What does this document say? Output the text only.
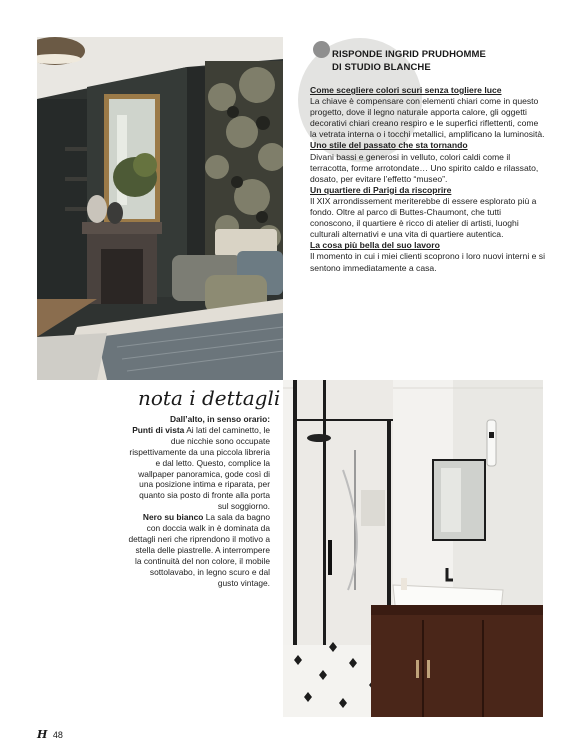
RISPONDE INGRID PRUDHOMME
DI STUDIO BLANCHE
Come scegliere colori scuri senza togliere luce
La chiave è compensare con elementi chiari come in questo progetto, dove il legno naturale apporta calore, gli oggetti decorativi chiari creano respiro e le superfici riflettenti, come la vetrata interna o i tocchi metallici, amplificano la luminosità.
Uno stile del passato che sta tornando
Divani bassi e generosi in velluto, colori caldi come il terracotta, forme arrotondate… Uno spirito caldo e rilassato, dosato, per evitare l’effetto “museo”.
Un quartiere di Parigi da riscoprire
Il XIX arrondissement meriterebbe di essere esplorato più a fondo. Oltre al parco di Buttes-Chaumont, che tutti conoscono, il quartiere è ricco di atelier di artisti, luoghi culturali alternativi e una vita di quartiere autentica.
La cosa più bella del suo lavoro
Il momento in cui i miei clienti scoprono i loro nuovi interni e si sentono immediatamente a casa.
nota i dettagli
Dall’alto, in senso orario:
Punti di vista Ai lati del caminetto, le due nicchie sono occupate rispettivamente da una piccola libreria e dal letto. Questo, complice la wallpaper panoramica, gode così di una posizione intima e riparata, per quanto sia posto di fronte alla porta sul soggiorno.
Nero su bianco La sala da bagno con doccia walk in è dominata da dettagli neri che riprendono il motivo a stella delle piastrelle. A interrompere la continuità del non colore, il mobile sottolavabo, in legno scuro e dal gusto vintage.
H 48
